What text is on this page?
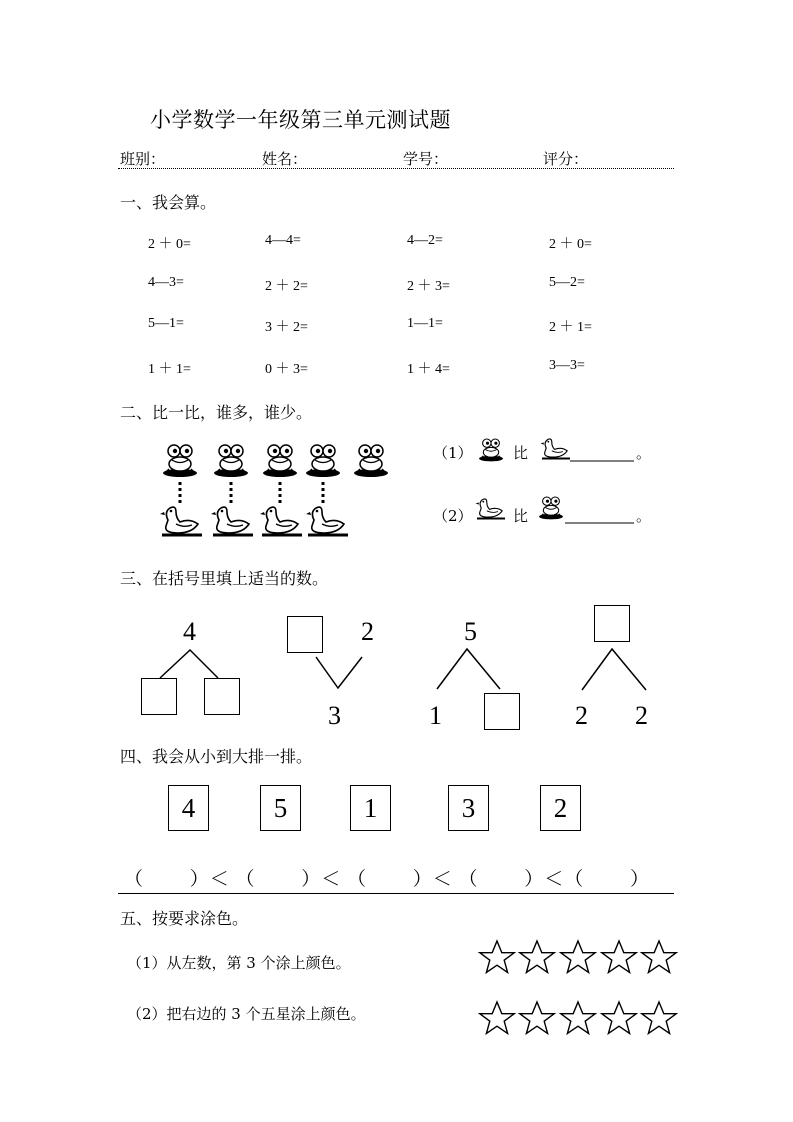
小学数学一年级第三单元测试题
班别：	姓名：	学号：	评分：
一、我会算。
2 ＋ 0=	4—4=	4—2=	2 ＋ 0=
4—3=	2 ＋ 2=	2 ＋ 3=	5—2=
5—1=	3 ＋ 2=	1—1=	2 ＋ 1=
1 ＋ 1=	0 ＋ 3=	1 ＋ 4=	3—3=
二、比一比，谁多，谁少。
（1）	比	。
（2）	比	。
三、在括号里填上适当的数。
4	2
3
5
1	2 2
四、我会从小到大排一排。
4	5	1	3	2
（　　 ）＜ （　　 ）＜ （　　 ）＜ （　　 ）＜（　　 ）
五、按要求涂色。
（1）从左数，第 3 个涂上颜色。
（2）把右边的 3 个五星涂上颜色。
